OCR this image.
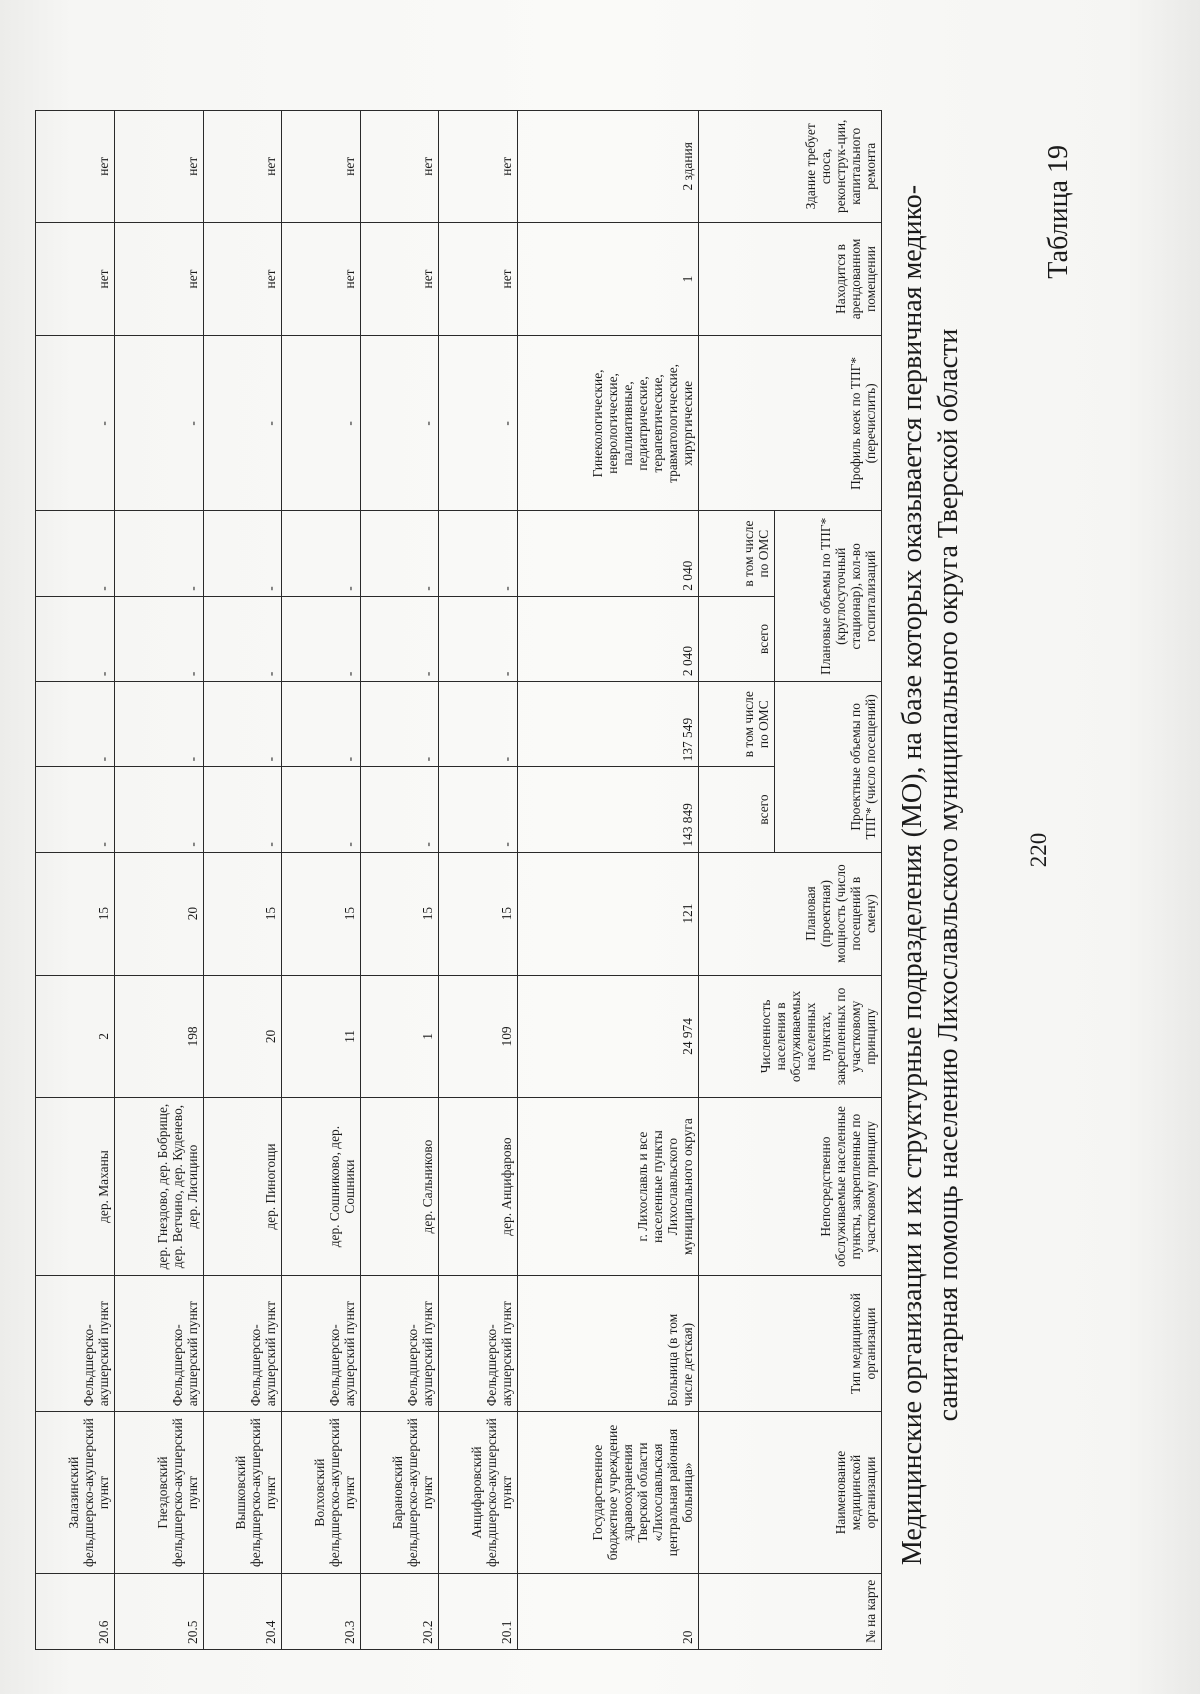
220
Таблица 19
Медицинские организации и их структурные подразделения (МО), на базе которых оказывается первичная медико-санитарная помощь населению Лихославльского муниципального округа Тверской области
№ на карте	Наименование медицинской организации	Тип медицинской организации	Непосредственно обслуживаемые населенные пункты, закрепленные по участковому принципу	Численность населения в обслуживаемых населенных пунктах, закрепленных по участковому принципу	Плановая (проектная) мощность (число посещений в смену)	Проектные объемы по ТПГ* (число посещений)		Плановые объемы по ТПГ* (круглосуточный стационар), кол-во госпитализаций		Профиль коек по ТПГ* (перечислить)	Находится в арендованном помещении	Здание требует сноса, реконструк-ции, капитального ремонта

						всего	в том числе по ОМС	всего	в том числе по ОМС			

20	Государственное бюджетное учреждение здравоохранения Тверской области «Лихославльская центральная районная больница»	Больница (в том числе детская)	г. Лихославль и все населенные пункты Лихославльского муниципального округа	24 974	121	143 849	137 549	2 040	2 040	Гинекологические, неврологические, паллиативные, педиатрические, терапевтические, травматологические, хирургические	1	2 здания

20.1	Анцифаровский фельдшерско-акушерский пункт	Фельдшерско-акушерский пункт	дер. Анцифарово	109	15	-	-	-	-	-	нет	нет

20.2	Барановский фельдшерско-акушерский пункт	Фельдшерско-акушерский пункт	дер. Сальниково	1	15	-	-	-	-	-	нет	нет

20.3	Волховский фельдшерско-акушерский пункт	Фельдшерско-акушерский пункт	дер. Сошниково, дер. Сошники	11	15	-	-	-	-	-	нет	нет

20.4	Вышковский фельдшерско-акушерский пункт	Фельдшерско-акушерский пункт	дер. Пиногощи	20	15	-	-	-	-	-	нет	нет

20.5	Гнездовский фельдшерско-акушерский пункт	Фельдшерско-акушерский пункт	дер. Гнездово, дер. Бобрище, дер. Ветчино, дер. Куденево, дер. Лисицино	198	20	-	-	-	-	-	нет	нет

20.6	Залазинский фельдшерско-акушерский пункт	Фельдшерско-акушерский пункт	дер. Маханы	2	15	-	-	-	-	-	нет	нет
